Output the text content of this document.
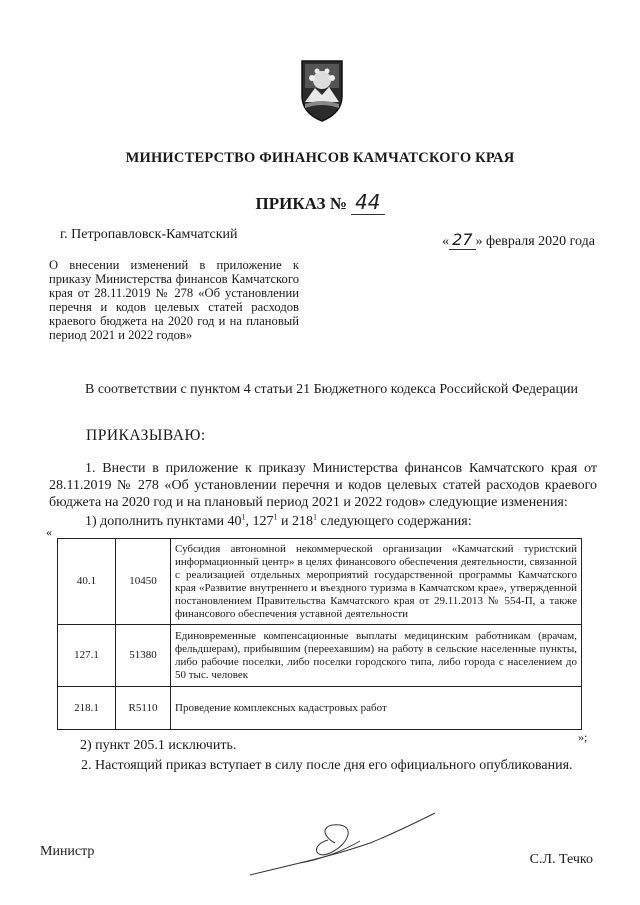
МИНИСТЕРСТВО ФИНАНСОВ КАМЧАТСКОГО КРАЯ
ПРИКАЗ № 44
г. Петропавловск-Камчатский	« 27 » февраля 2020 года
О внесении изменений в приложение к приказу Министерства финансов Камчатского края от 28.11.2019 № 278 «Об установлении перечня и кодов целевых статей расходов краевого бюджета на 2020 год и на плановый период 2021 и 2022 годов»
В соответствии с пунктом 4 статьи 21 Бюджетного кодекса Российской Федерации
ПРИКАЗЫВАЮ:
1. Внести в приложение к приказу Министерства финансов Камчатского края от 28.11.2019 № 278 «Об установлении перечня и кодов целевых статей расходов краевого бюджета на 2020 год и на плановый период 2021 и 2022 годов» следующие изменения:
1) дополнить пунктами $40^1$, $127^1$ и $218^1$ следующего содержания:
«
40.1	10450	Субсидия автономной некоммерческой организации «Камчатский туристский информационный центр» в целях финансового обеспечения деятельности, связанной с реализацией отдельных мероприятий государственной программы Камчатского края «Развитие внутреннего и въездного туризма в Камчатском крае», утвержденной постановлением Правительства Камчатского края от 29.11.2013 № 554-П, а также финансового обеспечения уставной деятельности
127.1	51380	Единовременные компенсационные выплаты медицинским работникам (врачам, фельдшерам), прибывшим (переехавшим) на работу в сельские населенные пункты, либо рабочие поселки, либо поселки городского типа, либо города с населением до 50 тыс. человек
218.1	R5110	Проведение комплексных кадастровых работ
»;
2) пункт 205.1 исключить.
2. Настоящий приказ вступает в силу после дня его официального опубликования.
Министр
С.Л. Течко
